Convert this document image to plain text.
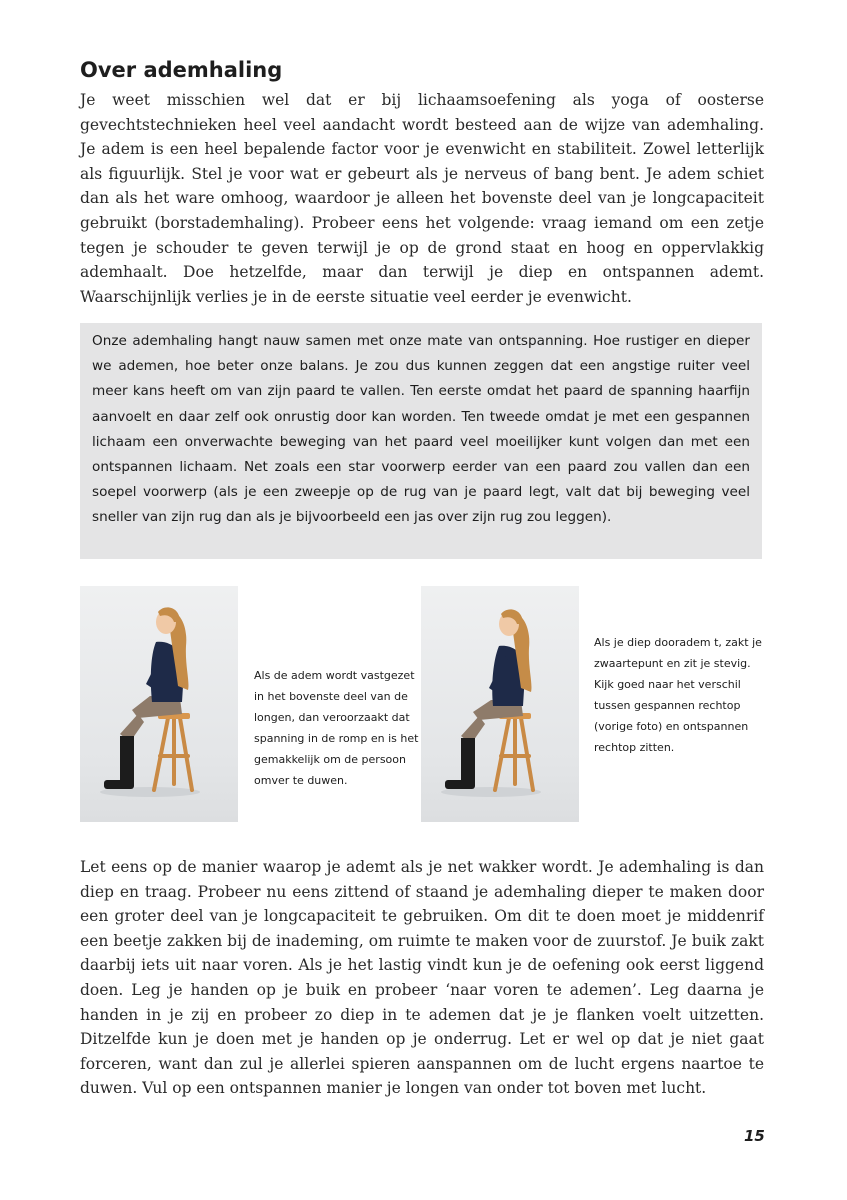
Over ademhaling

Je weet misschien wel dat er bij lichaamsoefening als yoga of oosterse gevechtstechnieken heel veel aandacht wordt besteed aan de wijze van ademhaling. Je adem is een heel bepalende factor voor je evenwicht en stabiliteit. Zowel letterlijk als figuurlijk. Stel je voor wat er gebeurt als je nerveus of bang bent. Je adem schiet dan als het ware omhoog, waardoor je alleen het bovenste deel van je longcapaciteit gebruikt (borstademhaling). Probeer eens het volgende: vraag iemand om een zetje tegen je schouder te geven terwijl je op de grond staat en hoog en oppervlakkig ademhaalt. Doe hetzelfde, maar dan terwijl je diep en ontspannen ademt. Waarschijnlijk verlies je in de eerste situatie veel eerder je evenwicht.

Onze ademhaling hangt nauw samen met onze mate van ontspanning. Hoe rustiger en dieper we ademen, hoe beter onze balans. Je zou dus kunnen zeggen dat een angstige ruiter veel meer kans heeft om van zijn paard te vallen. Ten eerste omdat het paard de spanning haarfijn aanvoelt en daar zelf ook onrustig door kan worden. Ten tweede omdat je met een gespannen lichaam een onverwachte beweging van het paard veel moeilijker kunt volgen dan met een ontspannen lichaam. Net zoals een star voorwerp eerder van een paard zou vallen dan een soepel voorwerp (als je een zweepje op de rug van je paard legt, valt dat bij beweging veel sneller van zijn rug dan als je bijvoorbeeld een jas over zijn rug zou leggen).

Als de adem wordt vastgezet in het bovenste deel van de longen, dan veroorzaakt dat spanning in de romp en is het gemakkelijk om de persoon omver te duwen.

Als je diep dooradem t, zakt je zwaartepunt en zit je stevig. Kijk goed naar het verschil tussen gespannen rechtop (vorige foto) en ontspannen rechtop zitten.

Let eens op de manier waarop je ademt als je net wakker wordt. Je ademhaling is dan diep en traag. Probeer nu eens zittend of staand je ademhaling dieper te maken door een groter deel van je longcapaciteit te gebruiken. Om dit te doen moet je middenrif een beetje zakken bij de inademing, om ruimte te maken voor de zuurstof. Je buik zakt daarbij iets uit naar voren. Als je het lastig vindt kun je de oefening ook eerst liggend doen. Leg je handen op je buik en probeer ‘naar voren te ademen’. Leg daarna je handen in je zij en probeer zo diep in te ademen dat je je flanken voelt uitzetten. Ditzelfde kun je doen met je handen op je onderrug. Let er wel op dat je niet gaat forceren, want dan zul je allerlei spieren aanspannen om de lucht ergens naartoe te duwen. Vul op een ontspannen manier je longen van onder tot boven met lucht.

15
